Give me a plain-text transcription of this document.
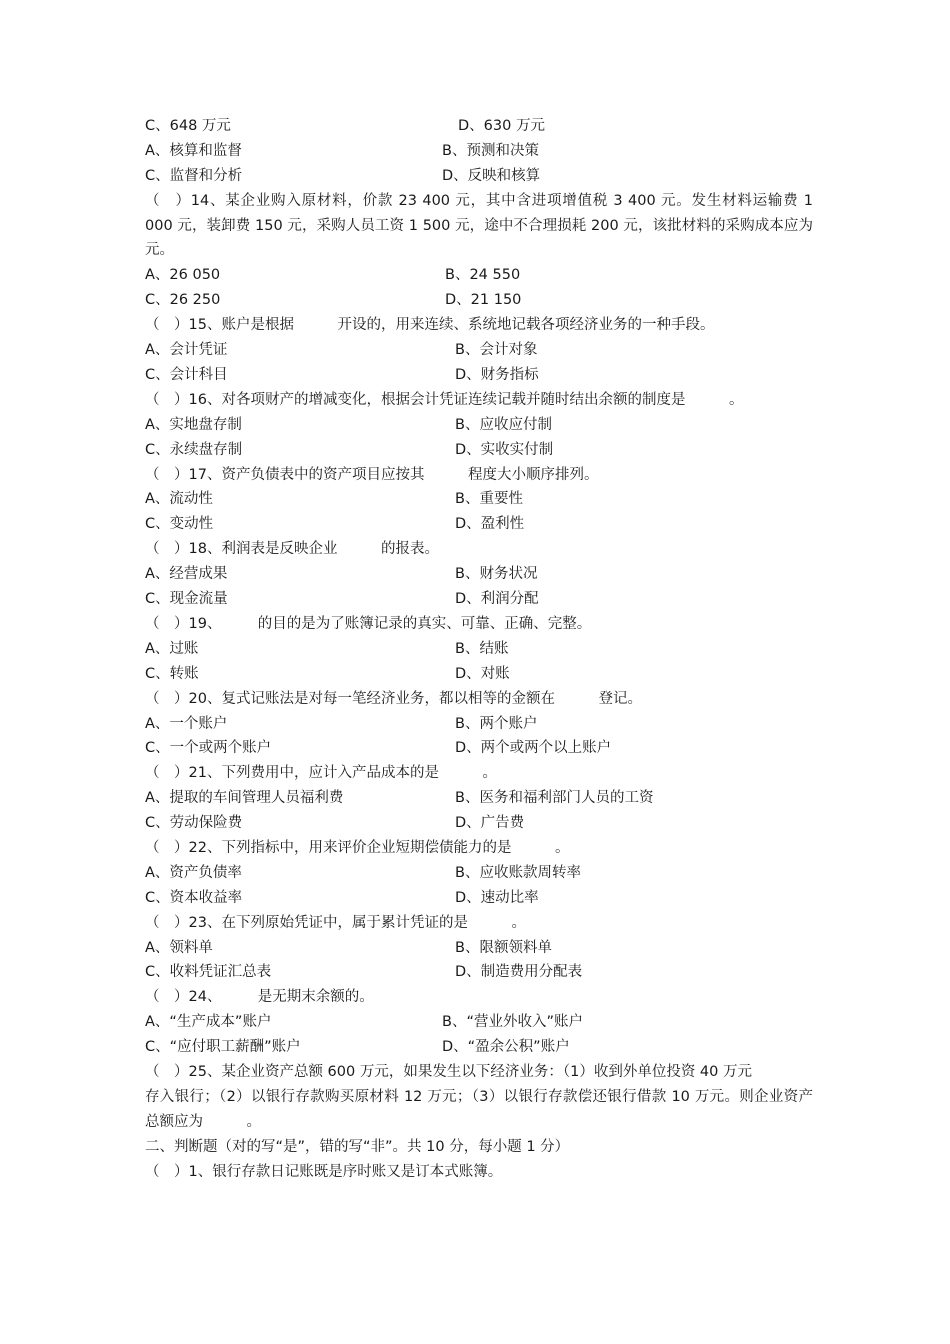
C、648 万元	D、630 万元
A、核算和监督	B、预测和决策
C、监督和分析	D、反映和核算
（　）14、某企业购入原材料，价款 23 400 元，其中含进项增值税 3 400 元。发生材料运输费 1 000 元，装卸费 150 元，采购人员工资 1 500 元，途中不合理损耗 200 元，该批材料的采购成本应为　　　元。
A、26 050	B、24 550
C、26 250	D、21 150
（　）15、账户是根据　　　开设的，用来连续、系统地记载各项经济业务的一种手段。
A、会计凭证	B、会计对象
C、会计科目	D、财务指标
（　）16、对各项财产的增减变化，根据会计凭证连续记载并随时结出余额的制度是　　　。
A、实地盘存制	B、应收应付制
C、永续盘存制	D、实收实付制
（　）17、资产负债表中的资产项目应按其　　　程度大小顺序排列。
A、流动性	B、重要性
C、变动性	D、盈利性
（　）18、利润表是反映企业　　　的报表。
A、经营成果	B、财务状况
C、现金流量	D、利润分配
（　）19、　　　的目的是为了账簿记录的真实、可靠、正确、完整。
A、过账	B、结账
C、转账	D、对账
（　）20、复式记账法是对每一笔经济业务，都以相等的金额在　　　登记。
A、一个账户	B、两个账户
C、一个或两个账户	D、两个或两个以上账户
（　）21、下列费用中，应计入产品成本的是　　　。
A、提取的车间管理人员福利费	B、医务和福利部门人员的工资
C、劳动保险费	D、广告费
（　）22、下列指标中，用来评价企业短期偿债能力的是　　　。
A、资产负债率	B、应收账款周转率
C、资本收益率	D、速动比率
（　）23、在下列原始凭证中，属于累计凭证的是　　　。
A、领料单	B、限额领料单
C、收料凭证汇总表	D、制造费用分配表
（　）24、　　　是无期末余额的。
A、“生产成本”账户	B、“营业外收入”账户
C、“应付职工薪酬”账户	D、“盈余公积”账户
（　）25、某企业资产总额 600 万元，如果发生以下经济业务：（1）收到外单位投资 40 万元
存入银行；（2）以银行存款购买原材料 12 万元；（3）以银行存款偿还银行借款 10 万元。则企业资产总额应为　　　。
二、判断题（对的写“是”，错的写“非”。共 10 分，每小题 1 分）
（　）1、银行存款日记账既是序时账又是订本式账簿。
